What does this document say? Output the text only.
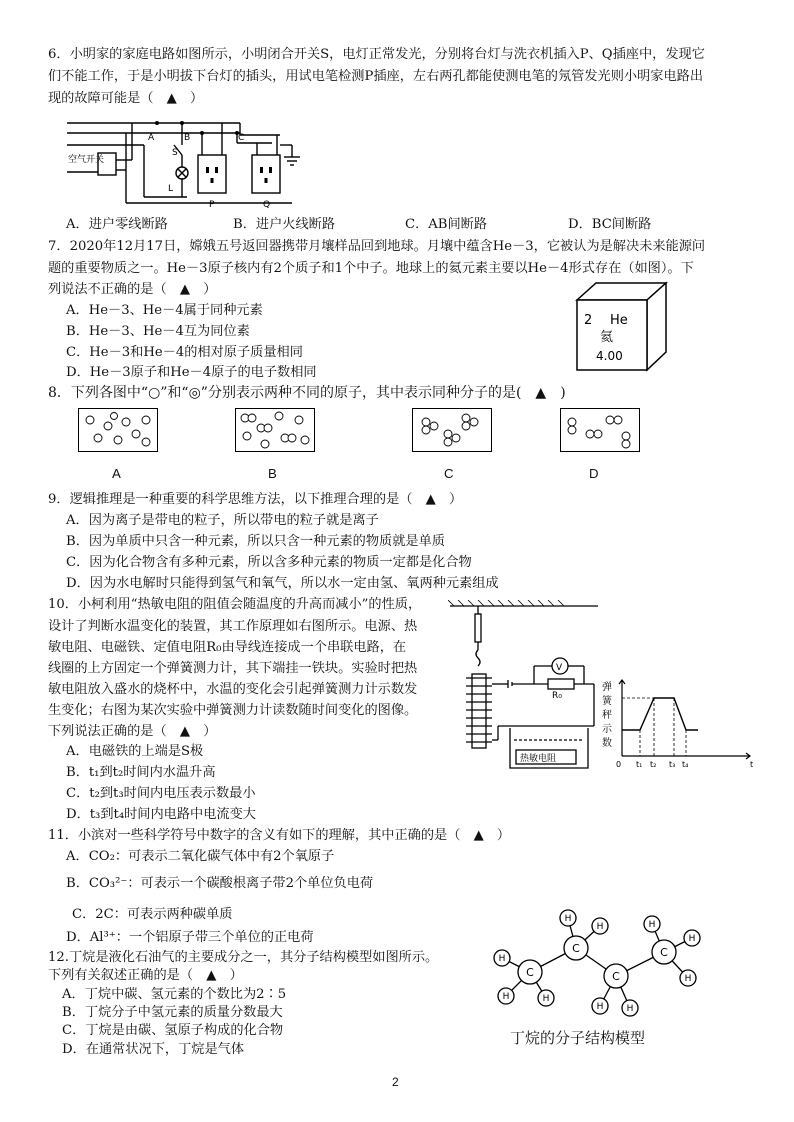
6．小明家的家庭电路如图所示，小明闭合开关S，电灯正常发光，分别将台灯与洗衣机插入P、Q插座中，发现它
们不能工作，于是小明拔下台灯的插头，用试电笔检测P插座，左右两孔都能使测电笔的氖管发光则小明家电路出
现的故障可能是（　▲　）
空气开关
A	B	C
S
L
P	Q
A．进户零线断路	B．进户火线断路	C．AB间断路	D．BC间断路
7．2020年12月17日，嫦娥五号返回器携带月壤样品回到地球。月壤中蕴含He－3，它被认为是解决未来能源问
题的重要物质之一。He－3原子核内有2个质子和1个中子。地球上的氦元素主要以He－4形式存在（如图）。下
列说法不正确的是（　▲　）
A．He－3、He－4属于同种元素
B．He－3、He－4互为同位素
C．He－3和He－4的相对原子质量相同
D．He－3原子和He－4原子的电子数相同
2 He
氦
4.00
8．下列各图中“○”和“◎”分别表示两种不同的原子，其中表示同种分子的是(　▲　)
A	B	C	D
9．逻辑推理是一种重要的科学思维方法，以下推理合理的是（　▲　）
A．因为离子是带电的粒子，所以带电的粒子就是离子
B．因为单质中只含一种元素，所以只含一种元素的物质就是单质
C．因为化合物含有多种元素，所以含多种元素的物质一定都是化合物
D．因为水电解时只能得到氢气和氧气，所以水一定由氢、氧两种元素组成
10．小柯利用“热敏电阻的阻值会随温度的升高而减小”的性质，
设计了判断水温变化的装置，其工作原理如右图所示。电源、热
敏电阻、电磁铁、定值电阻R₀由导线连接成一个串联电路，在
线圈的上方固定一个弹簧测力计，其下端挂一铁块。实验时把热
敏电阻放入盛水的烧杯中，水温的变化会引起弹簧测力计示数发
生变化；右图为某次实验中弹簧测力计读数随时间变化的图像。
下列说法正确的是（　▲　）
A．电磁铁的上端是S极
B．t₁到t₂时间内水温升高
C．t₂到t₃时间内电压表示数最小
D．t₃到t₄时间内电路中电流变大
V
R₀
热敏电阻
弹
簧
秤
示
数
0 t₁ t₂ t₃ t₄	t
11．小滨对一些科学符号中数字的含义有如下的理解，其中正确的是（　▲　）
A．CO₂：可表示二氧化碳气体中有2个氧原子
B．CO₃²⁻：可表示一个碳酸根离子带2个单位负电荷
C．2C：可表示两种碳单质
D．Al³⁺：一个铝原子带三个单位的正电荷
12.丁烷是液化石油气的主要成分之一，其分子结构模型如图所示。
下列有关叙述正确的是（　▲　）
A．丁烷中碳、氢元素的个数比为2∶5
B．丁烷分子中氢元素的质量分数最大
C．丁烷是由碳、氢原子构成的化合物
D．在通常状况下，丁烷是气体
C
C
C
C
H
H	H
H
H
H	H
H
H
H
丁烷的分子结构模型
2
